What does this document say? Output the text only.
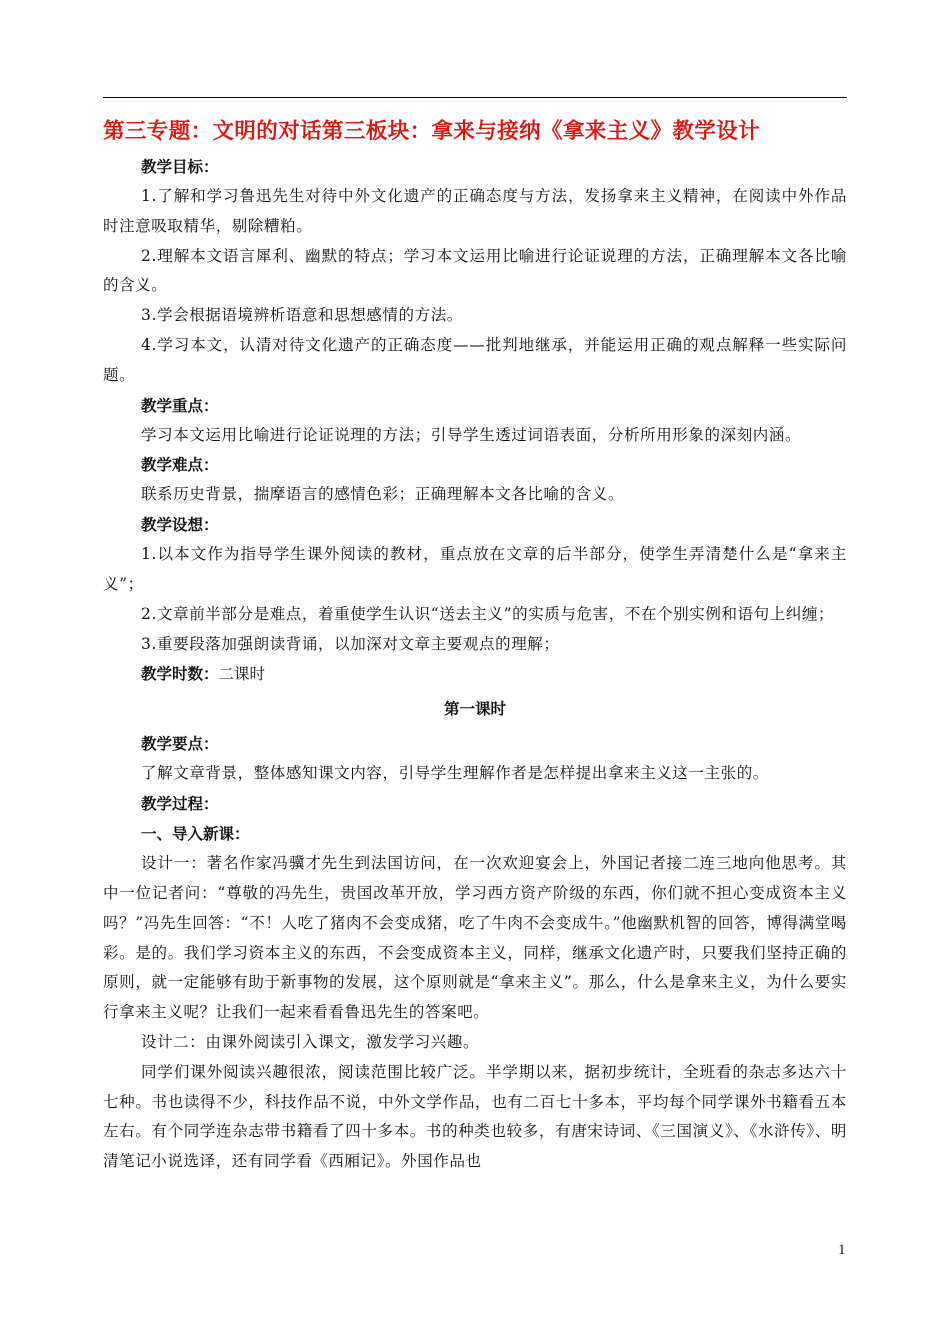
第三专题：文明的对话第三板块：拿来与接纳《拿来主义》教学设计
教学目标：

1.了解和学习鲁迅先生对待中外文化遗产的正确态度与方法，发扬拿来主义精神，在阅读中外作品时注意吸取精华，剔除糟粕。

2.理解本文语言犀利、幽默的特点；学习本文运用比喻进行论证说理的方法，正确理解本文各比喻的含义。

3.学会根据语境辨析语意和思想感情的方法。

4.学习本文，认清对待文化遗产的正确态度——批判地继承，并能运用正确的观点解释一些实际问题。

教学重点：

学习本文运用比喻进行论证说理的方法；引导学生透过词语表面，分析所用形象的深刻内涵。

教学难点：

联系历史背景，揣摩语言的感情色彩；正确理解本文各比喻的含义。

教学设想：

1.以本文作为指导学生课外阅读的教材，重点放在文章的后半部分，使学生弄清楚什么是“拿来主义”；

2.文章前半部分是难点，着重使学生认识“送去主义”的实质与危害，不在个别实例和语句上纠缠；

3.重要段落加强朗读背诵，以加深对文章主要观点的理解；

教学时数：二课时
第一课时
教学要点：

了解文章背景，整体感知课文内容，引导学生理解作者是怎样提出拿来主义这一主张的。

教学过程：
一、导入新课：

设计一：著名作家冯骥才先生到法国访问，在一次欢迎宴会上，外国记者接二连三地向他思考。其中一位记者问：“尊敬的冯先生，贵国改革开放，学习西方资产阶级的东西，你们就不担心变成资本主义吗？”冯先生回答：“不！人吃了猪肉不会变成猪，吃了牛肉不会变成牛。”他幽默机智的回答，博得满堂喝彩。是的。我们学习资本主义的东西，不会变成资本主义，同样，继承文化遗产时，只要我们坚持正确的原则，就一定能够有助于新事物的发展，这个原则就是“拿来主义”。那么，什么是拿来主义，为什么要实行拿来主义呢？让我们一起来看看鲁迅先生的答案吧。

设计二：由课外阅读引入课文，激发学习兴趣。

同学们课外阅读兴趣很浓，阅读范围比较广泛。半学期以来，据初步统计，全班看的杂志多达六十七种。书也读得不少，科技作品不说，中外文学作品，也有二百七十多本，平均每个同学课外书籍看五本左右。有个同学连杂志带书籍看了四十多本。书的种类也较多，有唐宋诗词、《三国演义》、《水浒传》、明清笔记小说选译，还有同学看《西厢记》。外国作品也

1
